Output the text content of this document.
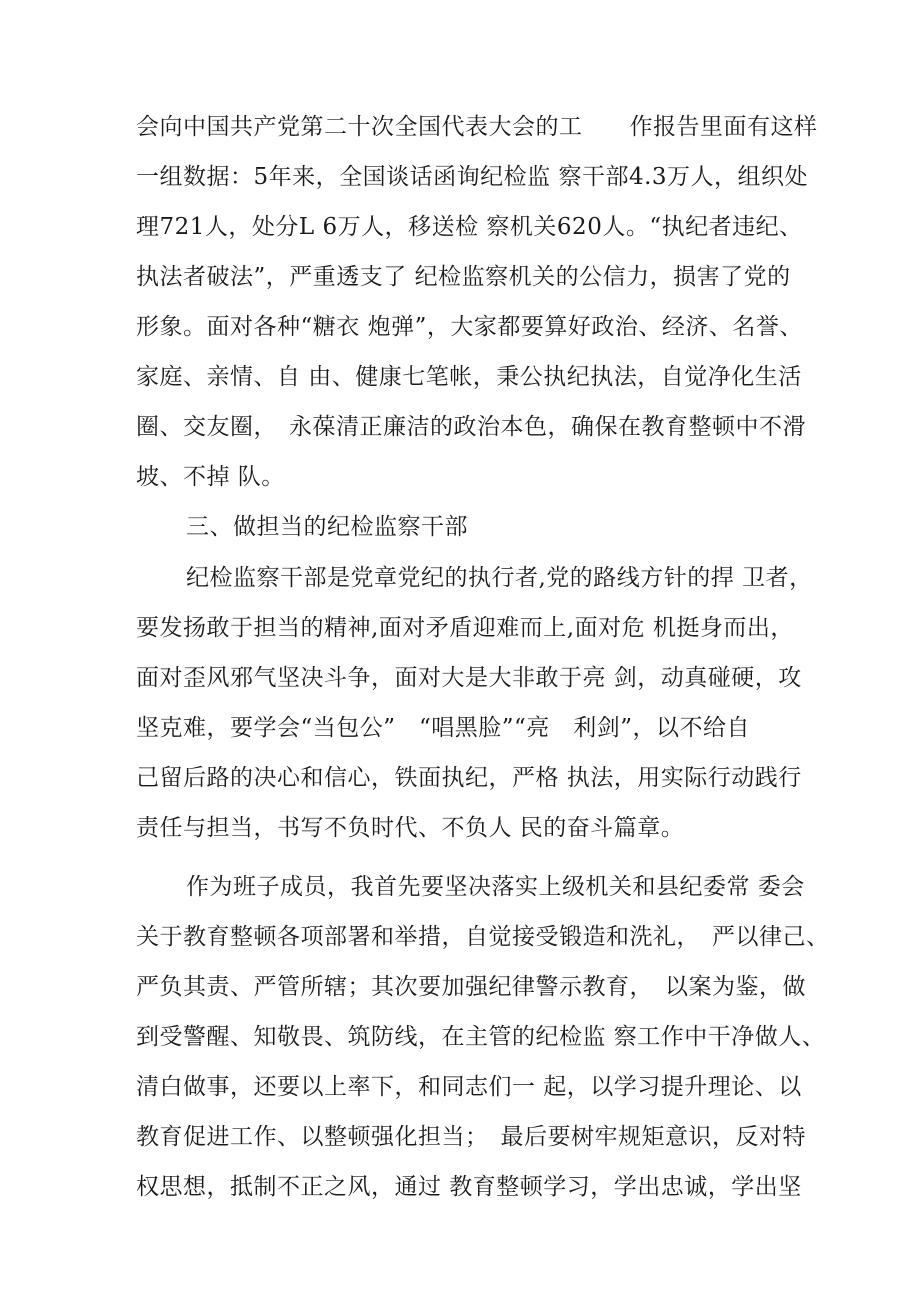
会向中国共产党第二十次全国代表大会的工　　作报告里面有这样
一组数据：5年来，全国谈话函询纪检监 察干部4.3万人，组织处
理721人，处分L 6万人，移送检 察机关620人。“执纪者违纪、
执法者破法”，严重透支了 纪检监察机关的公信力，损害了党的
形象。面对各种“糖衣 炮弹”，大家都要算好政治、经济、名誉、
家庭、亲情、自 由、健康七笔帐，秉公执纪执法，自觉净化生活
圈、交友圈，　永葆清正廉洁的政治本色，确保在教育整顿中不滑
坡、不掉 队。
三、做担当的纪检监察干部
纪检监察干部是党章党纪的执行者,党的路线方针的捍 卫者，
要发扬敢于担当的精神,面对矛盾迎难而上,面对危 机挺身而出，
面对歪风邪气坚决斗争，面对大是大非敢于亮 剑，动真碰硬，攻
坚克难，要学会“当包公”　“唱黑脸”“亮　利剑”，以不给自
己留后路的决心和信心，铁面执纪，严格 执法，用实际行动践行
责任与担当，书写不负时代、不负人 民的奋斗篇章。
作为班子成员，我首先要坚决落实上级机关和县纪委常 委会
关于教育整顿各项部署和举措，自觉接受锻造和洗礼，　严以律己、
严负其责、严管所辖；其次要加强纪律警示教育，　以案为鉴，做
到受警醒、知敬畏、筑防线，在主管的纪检监 察工作中干净做人、
清白做事，还要以上率下，和同志们一 起，以学习提升理论、以
教育促进工作、以整顿强化担当；　最后要树牢规矩意识，反对特
权思想，抵制不正之风，通过 教育整顿学习，学出忠诚，学出坚
